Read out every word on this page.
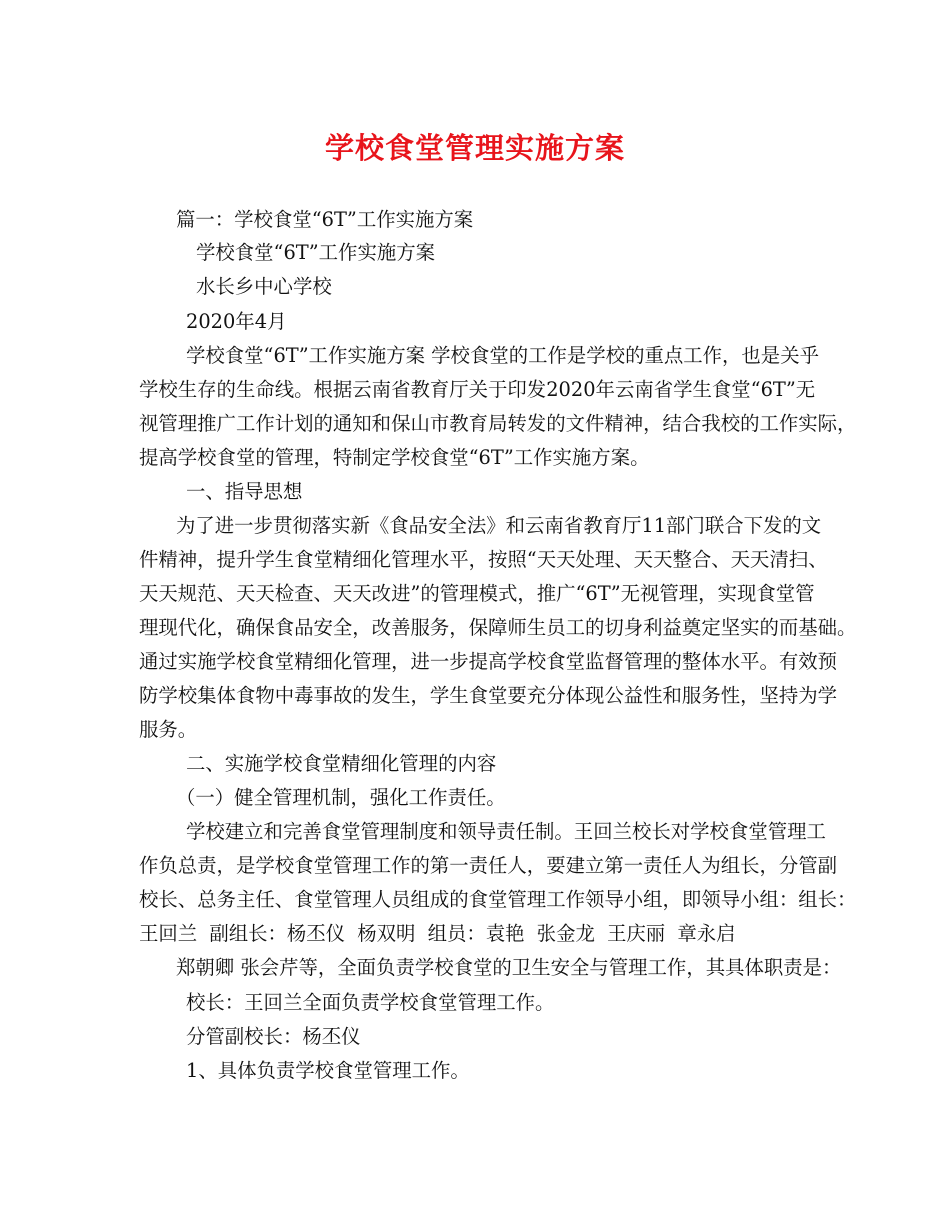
学校食堂管理实施方案

篇一：学校食堂“6T”工作实施方案

学校食堂“6T”工作实施方案

水长乡中心学校

2020年4月

学校食堂“6T”工作实施方案 学校食堂的工作是学校的重点工作，也是关乎

学校生存的生命线。根据云南省教育厅关于印发2020年云南省学生食堂“6T”无

视管理推广工作计划的通知和保山市教育局转发的文件精神，结合我校的工作实际，

提高学校食堂的管理，特制定学校食堂“6T”工作实施方案。

一、指导思想

为了进一步贯彻落实新《食品安全法》和云南省教育厅11部门联合下发的文

件精神，提升学生食堂精细化管理水平，按照“天天处理、天天整合、天天清扫、

天天规范、天天检查、天天改进”的管理模式，推广“6T”无视管理，实现食堂管

理现代化，确保食品安全，改善服务，保障师生员工的切身利益奠定坚实的而基础。

通过实施学校食堂精细化管理，进一步提高学校食堂监督管理的整体水平。有效预

防学校集体食物中毒事故的发生，学生食堂要充分体现公益性和服务性，坚持为学

服务。

二、实施学校食堂精细化管理的内容

（一）健全管理机制，强化工作责任。

学校建立和完善食堂管理制度和领导责任制。王回兰校长对学校食堂管理工

作负总责，是学校食堂管理工作的第一责任人，要建立第一责任人为组长，分管副

校长、总务主任、食堂管理人员组成的食堂管理工作领导小组，即领导小组：组长：

王回兰 副组长：杨丕仪 杨双明 组员：袁艳 张金龙 王庆丽 章永启

郑朝卿 张会芹等，全面负责学校食堂的卫生安全与管理工作，其具体职责是：

校长：王回兰全面负责学校食堂管理工作。

分管副校长：杨丕仪

1、具体负责学校食堂管理工作。
